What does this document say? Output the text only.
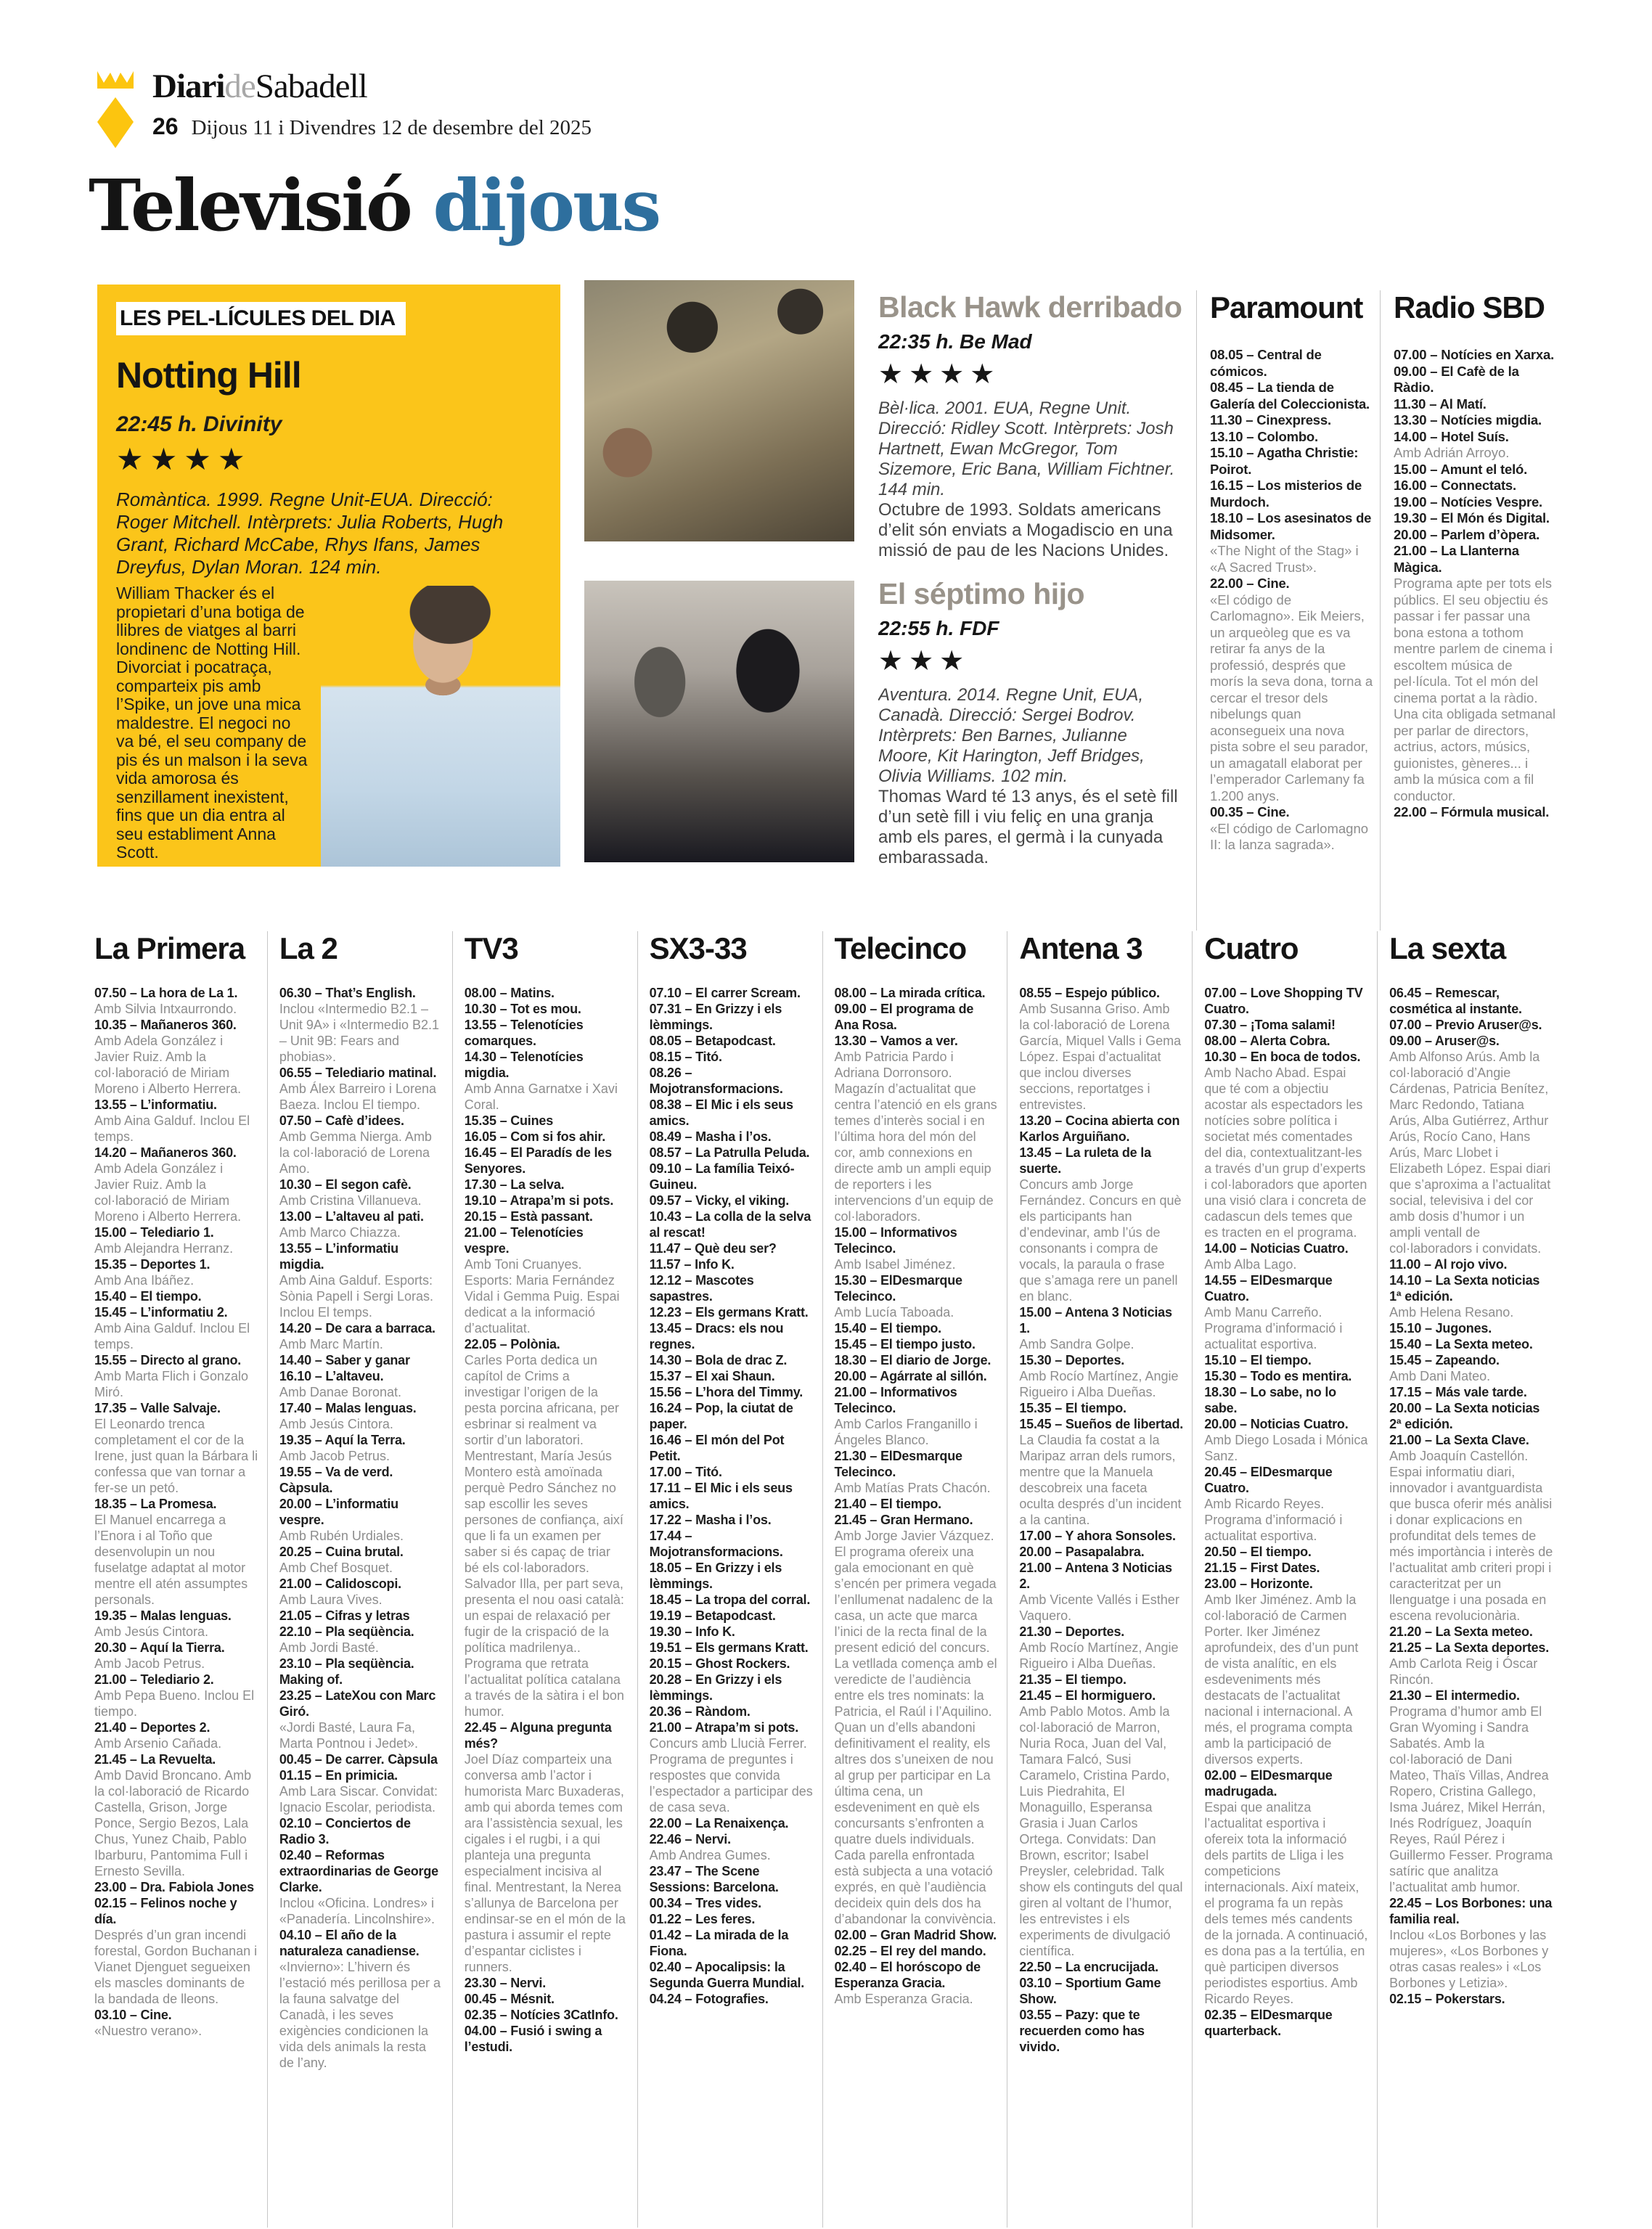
DiarideSabadell
26 Dijous 11 i Divendres 12 de desembre del 2025
Televisió dijous
LES PEL-LÍCULES DEL DIA
Notting Hill
22:45 h. Divinity
★★★★

Romàntica. 1999. Regne Unit-EUA. Direcció: Roger Mitchell. Intèrprets: Julia Roberts, Hugh Grant, Richard McCabe, Rhys Ifans, James Dreyfus, Dylan Moran. 124 min.

William Thacker és el propietari d’una botiga de llibres de viatges al barri londinenc de Notting Hill. Divorciat i pocatraça, comparteix pis amb l’Spike, un jove una mica maldestre. El negoci no va bé, el seu company de pis és un malson i la seva vida amorosa és senzillament inexistent, fins que un dia entra al seu establiment Anna Scott.

Black Hawk derribado
22:35 h. Be Mad
★★★★

Bèl·lica. 2001. EUA, Regne Unit. Direcció: Ridley Scott. Intèrprets: Josh Hartnett, Ewan McGregor, Tom Sizemore, Eric Bana, William Fichtner. 144 min.

Octubre de 1993. Soldats americans d’elit són enviats a Mogadiscio en una missió de pau de les Nacions Unides.

El séptimo hijo
22:55 h. FDF
★★★

Aventura. 2014. Regne Unit, EUA, Canadà. Direcció: Sergei Bodrov. Intèrprets: Ben Barnes, Julianne Moore, Kit Harington, Jeff Bridges, Olivia Williams. 102 min.

Thomas Ward té 13 anys, és el setè fill d’un setè fill i viu feliç en una granja amb els pares, el germà i la cunyada embarassada.

Paramount
08.05 – Central de cómicos.
08.45 – La tienda de Galería del Coleccionista.
11.30 – Cinexpress.
13.10 – Colombo.
15.10 – Agatha Christie: Poirot.
16.15 – Los misterios de Murdoch.
18.10 – Los asesinatos de Midsomer.
«The Night of the Stag» i «A Sacred Trust».
22.00 – Cine.
«El código de Carlomagno». Eik Meiers, un arqueòleg que es va retirar fa anys de la professió, després que morís la seva dona, torna a cercar el tresor dels nibelungs quan aconsegueix una nova pista sobre el seu parador, un amagatall elaborat per l’emperador Carlemany fa 1.200 anys.
00.35 – Cine.
«El código de Carlomagno II: la lanza sagrada».
Radio SBD
07.00 – Notícies en Xarxa.
09.00 – El Cafè de la Ràdio.
11.30 – Al Matí.
13.30 – Notícies migdia.
14.00 – Hotel Suís.
Amb Adrián Arroyo.
15.00 – Amunt el teló.
16.00 – Connectats.
19.00 – Notícies Vespre.
19.30 – El Món és Digital.
20.00 – Parlem d’òpera.
21.00 – La Llanterna Màgica.
Programa apte per tots els públics. El seu objectiu és passar i fer passar una bona estona a tothom mentre parlem de cinema i escoltem música de pel·lícula. Tot el món del cinema portat a la ràdio. Una cita obligada setmanal per parlar de directors, actrius, actors, músics, guionistes, gèneres... i amb la música com a fil conductor.
22.00 – Fórmula musical.
La Primera
07.50 – La hora de La 1.
Amb Silvia Intxaurrondo.
10.35 – Mañaneros 360.
Amb Adela González i Javier Ruiz. Amb la col·laboració de Miriam Moreno i Alberto Herrera.
13.55 – L’informatiu.
Amb Aina Galduf. Inclou El temps.
14.20 – Mañaneros 360.
Amb Adela González i Javier Ruiz. Amb la col·laboració de Miriam Moreno i Alberto Herrera.
15.00 – Telediario 1.
Amb Alejandra Herranz.
15.35 – Deportes 1.
Amb Ana Ibáñez.
15.40 – El tiempo.
15.45 – L’informatiu 2.
Amb Aina Galduf. Inclou El temps.
15.55 – Directo al grano.
Amb Marta Flich i Gonzalo Miró.
17.35 – Valle Salvaje.
El Leonardo trenca completament el cor de la Irene, just quan la Bárbara li confessa que van tornar a fer-se un petó.
18.35 – La Promesa.
El Manuel encarrega a l’Enora i al Toño que desenvolupin un nou fuselatge adaptat al motor mentre ell atén assumptes personals.
19.35 – Malas lenguas.
Amb Jesús Cintora.
20.30 – Aquí la Tierra.
Amb Jacob Petrus.
21.00 – Telediario 2.
Amb Pepa Bueno. Inclou El tiempo.
21.40 – Deportes 2.
Amb Arsenio Cañada.
21.45 – La Revuelta.
Amb David Broncano. Amb la col·laboració de Ricardo Castella, Grison, Jorge Ponce, Sergio Bezos, Lala Chus, Yunez Chaib, Pablo Ibarburu, Pantomima Full i Ernesto Sevilla.
23.00 – Dra. Fabiola Jones
02.15 – Felinos noche y día.
Després d’un gran incendi forestal, Gordon Buchanan i Vianet Djenguet segueixen els mascles dominants de la bandada de lleons.
03.10 – Cine.
«Nuestro verano».
La 2
06.30 – That’s English.
Inclou «Intermedio B2.1 – Unit 9A» i «Intermedio B2.1 – Unit 9B: Fears and phobias».
06.55 – Telediario matinal.
Amb Álex Barreiro i Lorena Baeza. Inclou El tiempo.
07.50 – Cafè d’idees.
Amb Gemma Nierga. Amb la col·laboració de Lorena Amo.
10.30 – El segon cafè.
Amb Cristina Villanueva.
13.00 – L’altaveu al pati.
Amb Marco Chiazza.
13.55 – L’informatiu migdia.
Amb Aina Galduf. Esports: Sònia Papell i Sergi Loras. Inclou El temps.
14.20 – De cara a barraca.
Amb Marc Martín.
14.40 – Saber y ganar
16.10 – L’altaveu.
Amb Danae Boronat.
17.40 – Malas lenguas.
Amb Jesús Cintora.
19.35 – Aquí la Terra.
Amb Jacob Petrus.
19.55 – Va de verd. Càpsula.
20.00 – L’informatiu vespre.
Amb Rubén Urdiales.
20.25 – Cuina brutal.
Amb Chef Bosquet.
21.00 – Calidoscopi.
Amb Laura Vives.
21.05 – Cifras y letras
22.10 – Pla seqüència.
Amb Jordi Basté.
23.10 – Pla seqüència. Making of.
23.25 – LateXou con Marc Giró.
«Jordi Basté, Laura Fa, Marta Pontnou i Jedet».
00.45 – De carrer. Càpsula
01.15 – En primicia.
Amb Lara Siscar. Convidat: Ignacio Escolar, periodista.
02.10 – Conciertos de Radio 3.
02.40 – Reformas extraordinarias de George Clarke.
Inclou «Oficina. Londres» i «Panadería. Lincolnshire».
04.10 – El año de la naturaleza canadiense.
«Invierno»: L’hivern és l’estació més perillosa per a la fauna salvatge del Canadà, i les seves exigències condicionen la vida dels animals la resta de l’any.
TV3
08.00 – Matins.
10.30 – Tot es mou.
13.55 – Telenotícies comarques.
14.30 – Telenotícies migdia.
Amb Anna Garnatxe i Xavi Coral.
15.35 – Cuines
16.05 – Com si fos ahir.
16.45 – El Paradís de les Senyores.
17.30 – La selva.
19.10 – Atrapa’m si pots.
20.15 – Està passant.
21.00 – Telenotícies vespre.
Amb Toni Cruanyes. Esports: Maria Fernández Vidal i Gemma Puig. Espai dedicat a la informació d’actualitat.
22.05 – Polònia.
Carles Porta dedica un capítol de Crims a investigar l’origen de la pesta porcina africana, per esbrinar si realment va sortir d’un laboratori. Mentrestant, María Jesús Montero està amoïnada perquè Pedro Sánchez no sap escollir les seves persones de confiança, així que li fa un examen per saber si és capaç de triar bé els col·laboradors. Salvador Illa, per part seva, presenta el nou oasi català: un espai de relaxació per fugir de la crispació de la política madrilenya.. Programa que retrata l’actualitat política catalana a través de la sàtira i el bon humor.
22.45 – Alguna pregunta més?
Joel Díaz comparteix una conversa amb l’actor i humorista Marc Buxaderas, amb qui aborda temes com ara l’assistència sexual, les cigales i el rugbi, i a qui planteja una pregunta especialment incisiva al final. Mentrestant, la Nerea s’allunya de Barcelona per endinsar-se en el món de la pastura i assumir el repte d’espantar ciclistes i runners.
23.30 – Nervi.
00.45 – Mésnit.
02.35 – Notícies 3CatInfo.
04.00 – Fusió i swing a l’estudi.
SX3-33
07.10 – El carrer Scream.
07.31 – En Grizzy i els lèmmings.
08.05 – Betapodcast.
08.15 – Titó.
08.26 – Mojotransformacions.
08.38 – El Mic i els seus amics.
08.49 – Masha i l’os.
08.57 – La Patrulla Peluda.
09.10 – La família Teixó-Guineu.
09.57 – Vicky, el viking.
10.43 – La colla de la selva al rescat!
11.47 – Què deu ser?
11.57 – Info K.
12.12 – Mascotes sapastres.
12.23 – Els germans Kratt.
13.45 – Dracs: els nou regnes.
14.30 – Bola de drac Z.
15.37 – El xai Shaun.
15.56 – L’hora del Timmy.
16.24 – Pop, la ciutat de paper.
16.46 – El món del Pot Petit.
17.00 – Titó.
17.11 – El Mic i els seus amics.
17.22 – Masha i l’os.
17.44 – Mojotransformacions.
18.05 – En Grizzy i els lèmmings.
18.45 – La tropa del corral.
19.19 – Betapodcast.
19.30 – Info K.
19.51 – Els germans Kratt.
20.15 – Ghost Rockers.
20.28 – En Grizzy i els lèmmings.
20.36 – Ràndom.
21.00 – Atrapa’m si pots.
Concurs amb Llucià Ferrer. Programa de preguntes i respostes que convida l’espectador a participar des de casa seva.
22.00 – La Renaixença.
22.46 – Nervi.
Amb Andrea Gumes.
23.47 – The Scene Sessions: Barcelona.
00.34 – Tres vides.
01.22 – Les feres.
01.42 – La mirada de la Fiona.
02.40 – Apocalipsis: la Segunda Guerra Mundial.
04.24 – Fotografies.
Telecinco
08.00 – La mirada crítica.
09.00 – El programa de Ana Rosa.
13.30 – Vamos a ver.
Amb Patricia Pardo i Adriana Dorronsoro. Magazín d’actualitat que centra l’atenció en els grans temes d’interès social i en l’última hora del món del cor, amb connexions en directe amb un ampli equip de reporters i les intervencions d’un equip de col·laboradors.
15.00 – Informativos Telecinco.
Amb Isabel Jiménez.
15.30 – ElDesmarque Telecinco.
Amb Lucía Taboada.
15.40 – El tiempo.
15.45 – El tiempo justo.
18.30 – El diario de Jorge.
20.00 – Agárrate al sillón.
21.00 – Informativos Telecinco.
Amb Carlos Franganillo i Ángeles Blanco.
21.30 – ElDesmarque Telecinco.
Amb Matías Prats Chacón.
21.40 – El tiempo.
21.45 – Gran Hermano.
Amb Jorge Javier Vázquez. El programa ofereix una gala emocionant en què s’encén per primera vegada l’enllumenat nadalenc de la casa, un acte que marca l’inici de la recta final de la present edició del concurs. La vetllada comença amb el veredicte de l’audiència entre els tres nominats: la Patricia, el Raúl i l’Aquilino. Quan un d’ells abandoni definitivament el reality, els altres dos s’uneixen de nou al grup per participar en La última cena, un esdeveniment en què els concursants s’enfronten a quatre duels individuals. Cada parella enfrontada està subjecta a una votació exprés, en què l’audiència decideix quin dels dos ha d’abandonar la convivència.
02.00 – Gran Madrid Show.
02.25 – El rey del mando.
02.40 – El horóscopo de Esperanza Gracia.
Amb Esperanza Gracia.
Antena 3
08.55 – Espejo público.
Amb Susanna Griso. Amb la col·laboració de Lorena García, Miquel Valls i Gema López. Espai d’actualitat que inclou diverses seccions, reportatges i entrevistes.
13.20 – Cocina abierta con Karlos Arguiñano.
13.45 – La ruleta de la suerte.
Concurs amb Jorge Fernández. Concurs en què els participants han d’endevinar, amb l’ús de consonants i compra de vocals, la paraula o frase que s’amaga rere un panell en blanc.
15.00 – Antena 3 Noticias 1.
Amb Sandra Golpe.
15.30 – Deportes.
Amb Rocío Martínez, Angie Rigueiro i Alba Dueñas.
15.35 – El tiempo.
15.45 – Sueños de libertad.
La Claudia fa costat a la Maripaz arran dels rumors, mentre que la Manuela descobreix una faceta oculta després d’un incident a la cantina.
17.00 – Y ahora Sonsoles.
20.00 – Pasapalabra.
21.00 – Antena 3 Noticias 2.
Amb Vicente Vallés i Esther Vaquero.
21.30 – Deportes.
Amb Rocío Martínez, Angie Rigueiro i Alba Dueñas.
21.35 – El tiempo.
21.45 – El hormiguero.
Amb Pablo Motos. Amb la col·laboració de Marron, Nuria Roca, Juan del Val, Tamara Falcó, Susi Caramelo, Cristina Pardo, Luis Piedrahita, El Monaguillo, Esperansa Grasia i Juan Carlos Ortega. Convidats: Dan Brown, escritor; Isabel Preysler, celebridad. Talk show els continguts del qual giren al voltant de l’humor, les entrevistes i els experiments de divulgació científica.
22.50 – La encrucijada.
03.10 – Sportium Game Show.
03.55 – Pazy: que te recuerden como has vivido.
Cuatro
07.00 – Love Shopping TV Cuatro.
07.30 – ¡Toma salami!
08.00 – Alerta Cobra.
10.30 – En boca de todos.
Amb Nacho Abad. Espai que té com a objectiu acostar als espectadors les notícies sobre política i societat més comentades del dia, contextualitzant-les a través d’un grup d’experts i col·laboradors que aporten una visió clara i concreta de cadascun dels temes que es tracten en el programa.
14.00 – Noticias Cuatro.
Amb Alba Lago.
14.55 – ElDesmarque Cuatro.
Amb Manu Carreño. Programa d’informació i actualitat esportiva.
15.10 – El tiempo.
15.30 – Todo es mentira.
18.30 – Lo sabe, no lo sabe.
20.00 – Noticias Cuatro.
Amb Diego Losada i Mónica Sanz.
20.45 – ElDesmarque Cuatro.
Amb Ricardo Reyes. Programa d’informació i actualitat esportiva.
20.50 – El tiempo.
21.15 – First Dates.
23.00 – Horizonte.
Amb Iker Jiménez. Amb la col·laboració de Carmen Porter. Iker Jiménez aprofundeix, des d’un punt de vista analític, en els esdeveniments més destacats de l’actualitat nacional i internacional. A més, el programa compta amb la participació de diversos experts.
02.00 – ElDesmarque madrugada.
Espai que analitza l’actualitat esportiva i ofereix tota la informació dels partits de Lliga i les competicions internacionals. Així mateix, el programa fa un repàs dels temes més candents de la jornada. A continuació, es dona pas a la tertúlia, en què participen diversos periodistes esportius. Amb Ricardo Reyes.
02.35 – ElDesmarque quarterback.
La sexta
06.45 – Remescar, cosmética al instante.
07.00 – Previo Aruser@s.
09.00 – Aruser@s.
Amb Alfonso Arús. Amb la col·laboració d’Angie Cárdenas, Patricia Benítez, Marc Redondo, Tatiana Arús, Alba Gutiérrez, Arthur Arús, Rocío Cano, Hans Arús, Marc Llobet i Elizabeth López. Espai diari que s’aproxima a l’actualitat social, televisiva i del cor amb dosis d’humor i un ampli ventall de col·laboradors i convidats.
11.00 – Al rojo vivo.
14.10 – La Sexta noticias 1ª edición.
Amb Helena Resano.
15.10 – Jugones.
15.40 – La Sexta meteo.
15.45 – Zapeando.
Amb Dani Mateo.
17.15 – Más vale tarde.
20.00 – La Sexta noticias 2ª edición.
21.00 – La Sexta Clave.
Amb Joaquín Castellón. Espai informatiu diari, innovador i avantguardista que busca oferir més anàlisi i donar explicacions en profunditat dels temes de més importància i interès de l’actualitat amb criteri propi i caracteritzat per un llenguatge i una posada en escena revolucionària.
21.20 – La Sexta meteo.
21.25 – La Sexta deportes.
Amb Carlota Reig i Óscar Rincón.
21.30 – El intermedio.
Programa d’humor amb El Gran Wyoming i Sandra Sabatés. Amb la col·laboració de Dani Mateo, Thaïs Villas, Andrea Ropero, Cristina Gallego, Isma Juárez, Mikel Herrán, Inés Rodríguez, Joaquín Reyes, Raúl Pérez i Guillermo Fesser. Programa satíric que analitza l’actualitat amb humor.
22.45 – Los Borbones: una familia real.
Inclou «Los Borbones y las mujeres», «Los Borbones y otras casas reales» i «Los Borbones y Letizia».
02.15 – Pokerstars.
